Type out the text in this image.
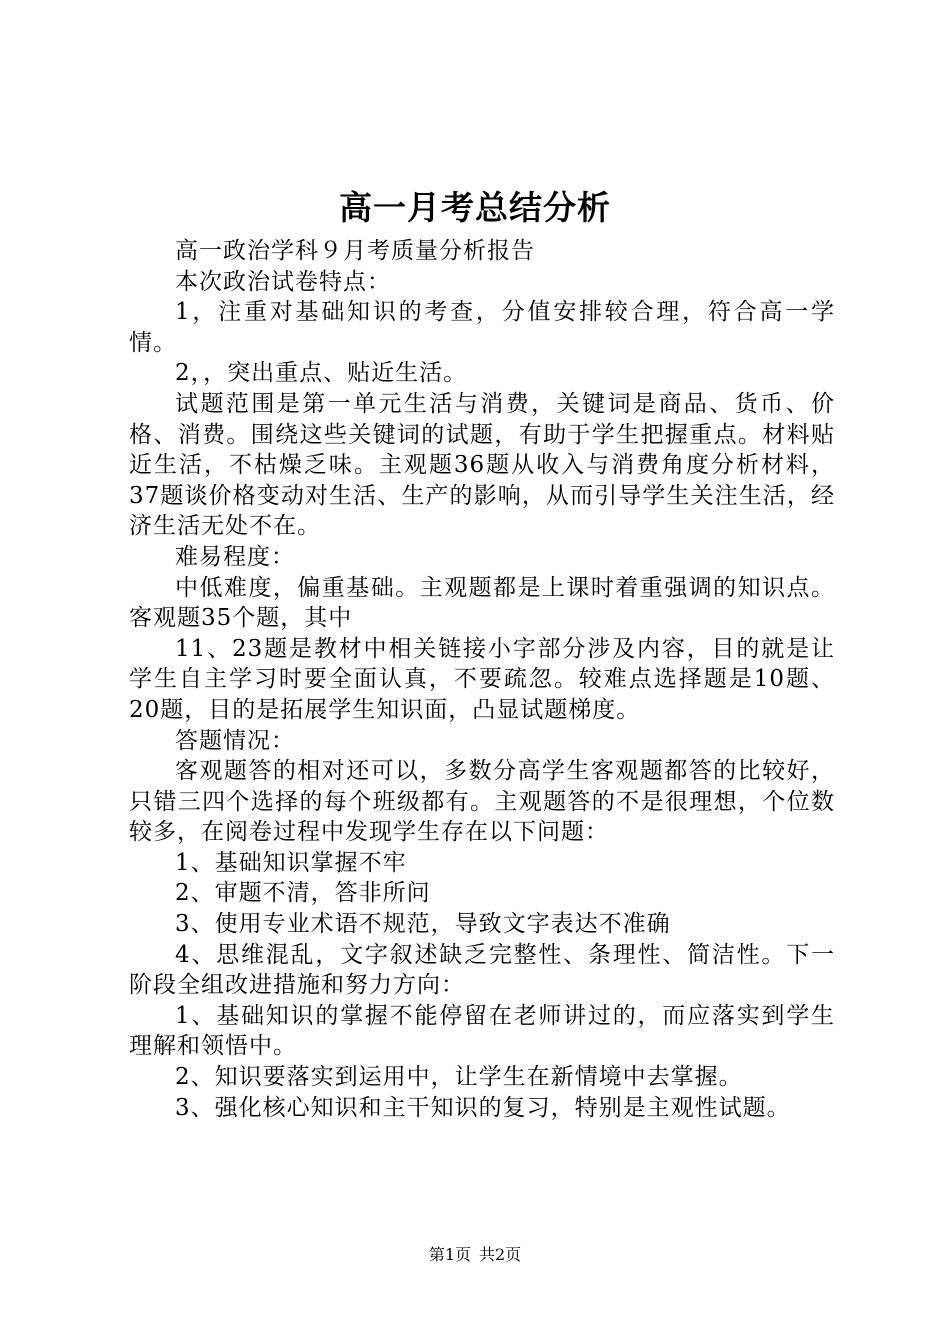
高一月考总结分析

高一政治学科９月考质量分析报告

本次政治试卷特点：

1，注重对基础知识的考查，分值安排较合理，符合高一学情。

2，，突出重点、贴近生活。

试题范围是第一单元生活与消费，关键词是商品、货币、价格、消费。围绕这些关键词的试题，有助于学生把握重点。材料贴近生活，不枯燥乏味。主观题36题从收入与消费角度分析材料，37题谈价格变动对生活、生产的影响，从而引导学生关注生活，经济生活无处不在。

难易程度：

中低难度，偏重基础。主观题都是上课时着重强调的知识点。客观题35个题，其中

11、23题是教材中相关链接小字部分涉及内容，目的就是让学生自主学习时要全面认真，不要疏忽。较难点选择题是10题、20题，目的是拓展学生知识面，凸显试题梯度。

答题情况：

客观题答的相对还可以，多数分高学生客观题都答的比较好，只错三四个选择的每个班级都有。主观题答的不是很理想，个位数较多，在阅卷过程中发现学生存在以下问题：

1、基础知识掌握不牢

2、审题不清，答非所问

3、使用专业术语不规范，导致文字表达不准确

4、思维混乱，文字叙述缺乏完整性、条理性、简洁性。下一阶段全组改进措施和努力方向：

1、基础知识的掌握不能停留在老师讲过的，而应落实到学生理解和领悟中。

2、知识要落实到运用中，让学生在新情境中去掌握。

3、强化核心知识和主干知识的复习，特别是主观性试题。

第1页 共2页
